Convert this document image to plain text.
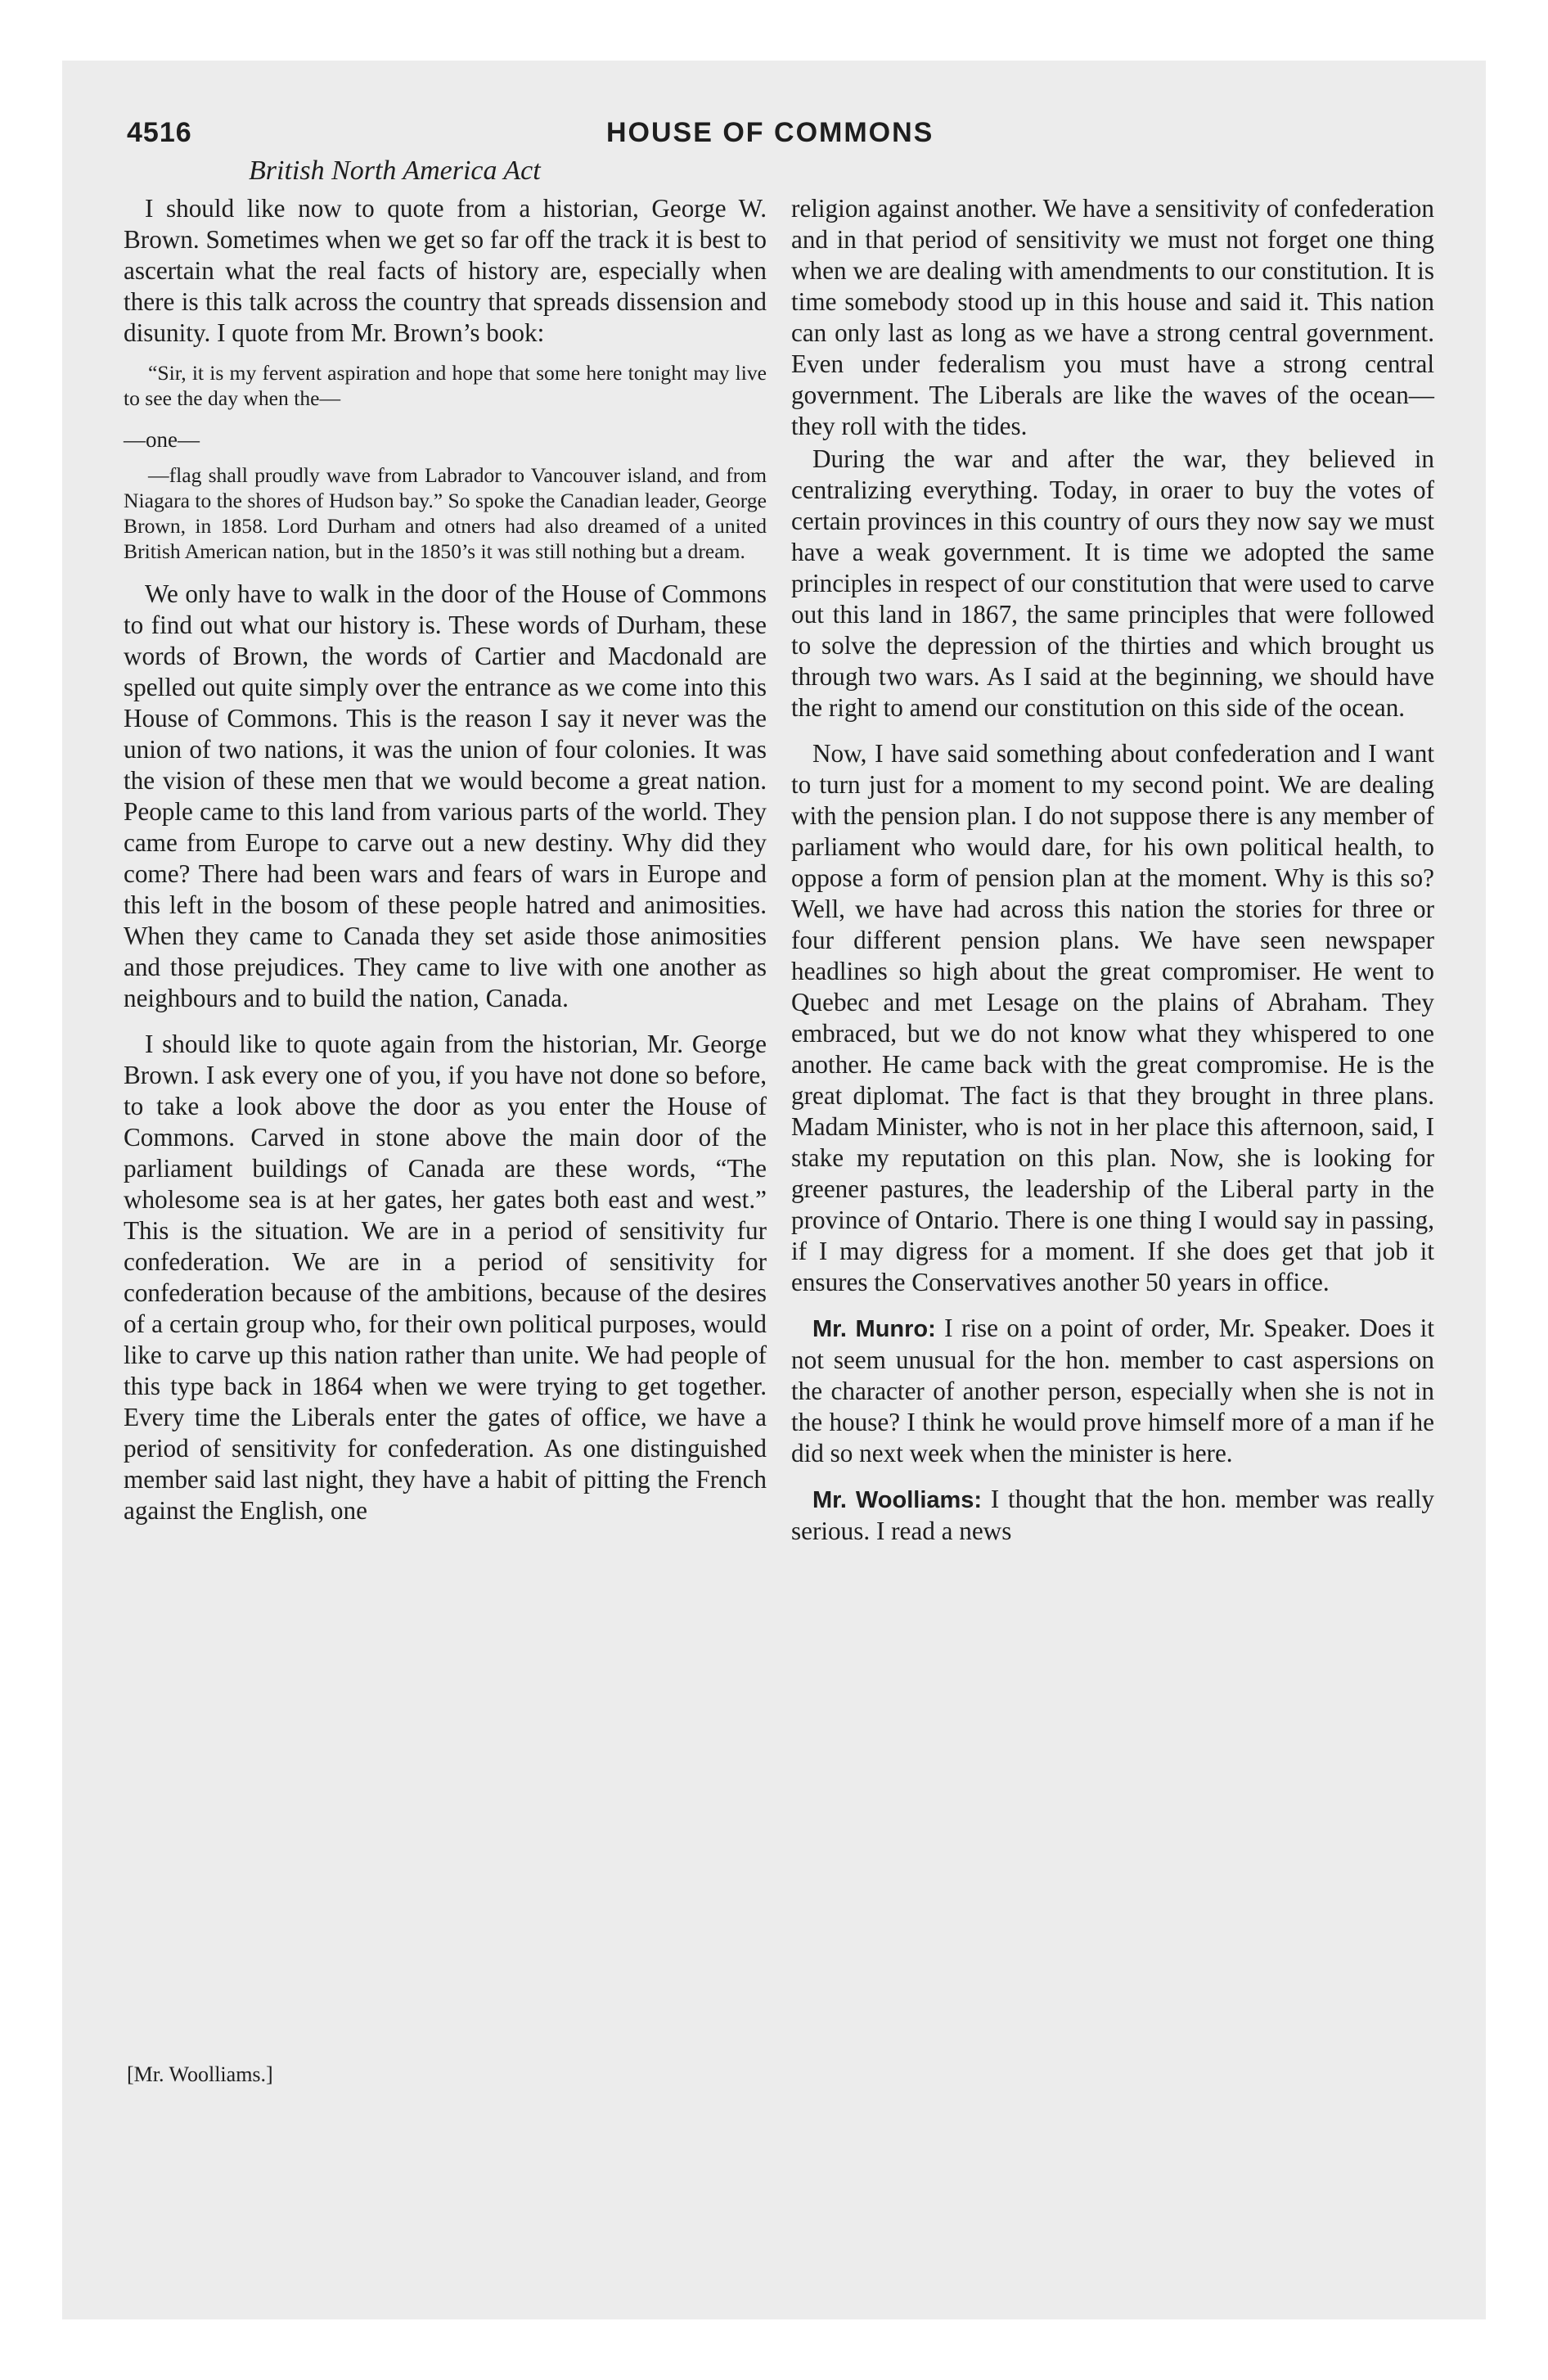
4516	HOUSE OF COMMONS
British North America Act

I should like now to quote from a historian, George W. Brown. Sometimes when we get so far off the track it is best to ascertain what the real facts of history are, especially when there is this talk across the country that spreads dissension and disunity. I quote from Mr. Brown’s book:

“Sir, it is my fervent aspiration and hope that some here tonight may live to see the day when the—

—one—

—flag shall proudly wave from Labrador to Vancouver island, and from Niagara to the shores of Hudson bay.” So spoke the Canadian leader, George Brown, in 1858. Lord Durham and otners had also dreamed of a united British American nation, but in the 1850’s it was still nothing but a dream.

We only have to walk in the door of the House of Commons to find out what our history is. These words of Durham, these words of Brown, the words of Cartier and Macdonald are spelled out quite simply over the entrance as we come into this House of Commons. This is the reason I say it never was the union of two nations, it was the union of four colonies. It was the vision of these men that we would become a great nation. People came to this land from various parts of the world. They came from Europe to carve out a new destiny. Why did they come? There had been wars and fears of wars in Europe and this left in the bosom of these people hatred and animosities. When they came to Canada they set aside those animosities and those prejudices. They came to live with one another as neighbours and to build the nation, Canada.

I should like to quote again from the historian, Mr. George Brown. I ask every one of you, if you have not done so before, to take a look above the door as you enter the House of Commons. Carved in stone above the main door of the parliament buildings of Canada are these words, “The wholesome sea is at her gates, her gates both east and west.” This is the situation. We are in a period of sensitivity fur confederation. We are in a period of sensitivity for confederation because of the ambitions, because of the desires of a certain group who, for their own political purposes, would like to carve up this nation rather than unite. We had people of this type back in 1864 when we were trying to get together. Every time the Liberals enter the gates of office, we have a period of sensitivity for confederation. As one distinguished member said last night, they have a habit of pitting the French against the English, one

religion against another. We have a sensitivity of confederation and in that period of sensitivity we must not forget one thing when we are dealing with amendments to our constitution. It is time somebody stood up in this house and said it. This nation can only last as long as we have a strong central government. Even under federalism you must have a strong central government. The Liberals are like the waves of the ocean—they roll with the tides.

During the war and after the war, they believed in centralizing everything. Today, in oraer to buy the votes of certain provinces in this country of ours they now say we must have a weak government. It is time we adopted the same principles in respect of our constitution that were used to carve out this land in 1867, the same principles that were followed to solve the depression of the thirties and which brought us through two wars. As I said at the beginning, we should have the right to amend our constitution on this side of the ocean.

Now, I have said something about confederation and I want to turn just for a moment to my second point. We are dealing with the pension plan. I do not suppose there is any member of parliament who would dare, for his own political health, to oppose a form of pension plan at the moment. Why is this so? Well, we have had across this nation the stories for three or four different pension plans. We have seen newspaper headlines so high about the great compromiser. He went to Quebec and met Lesage on the plains of Abraham. They embraced, but we do not know what they whispered to one another. He came back with the great compromise. He is the great diplomat. The fact is that they brought in three plans. Madam Minister, who is not in her place this afternoon, said, I stake my reputation on this plan. Now, she is looking for greener pastures, the leadership of the Liberal party in the province of Ontario. There is one thing I would say in passing, if I may digress for a moment. If she does get that job it ensures the Conservatives another 50 years in office.

Mr. Munro: I rise on a point of order, Mr. Speaker. Does it not seem unusual for the hon. member to cast aspersions on the character of another person, especially when she is not in the house? I think he would prove himself more of a man if he did so next week when the minister is here.

Mr. Woolliams: I thought that the hon. member was really serious. I read a news

[Mr. Woolliams.]
